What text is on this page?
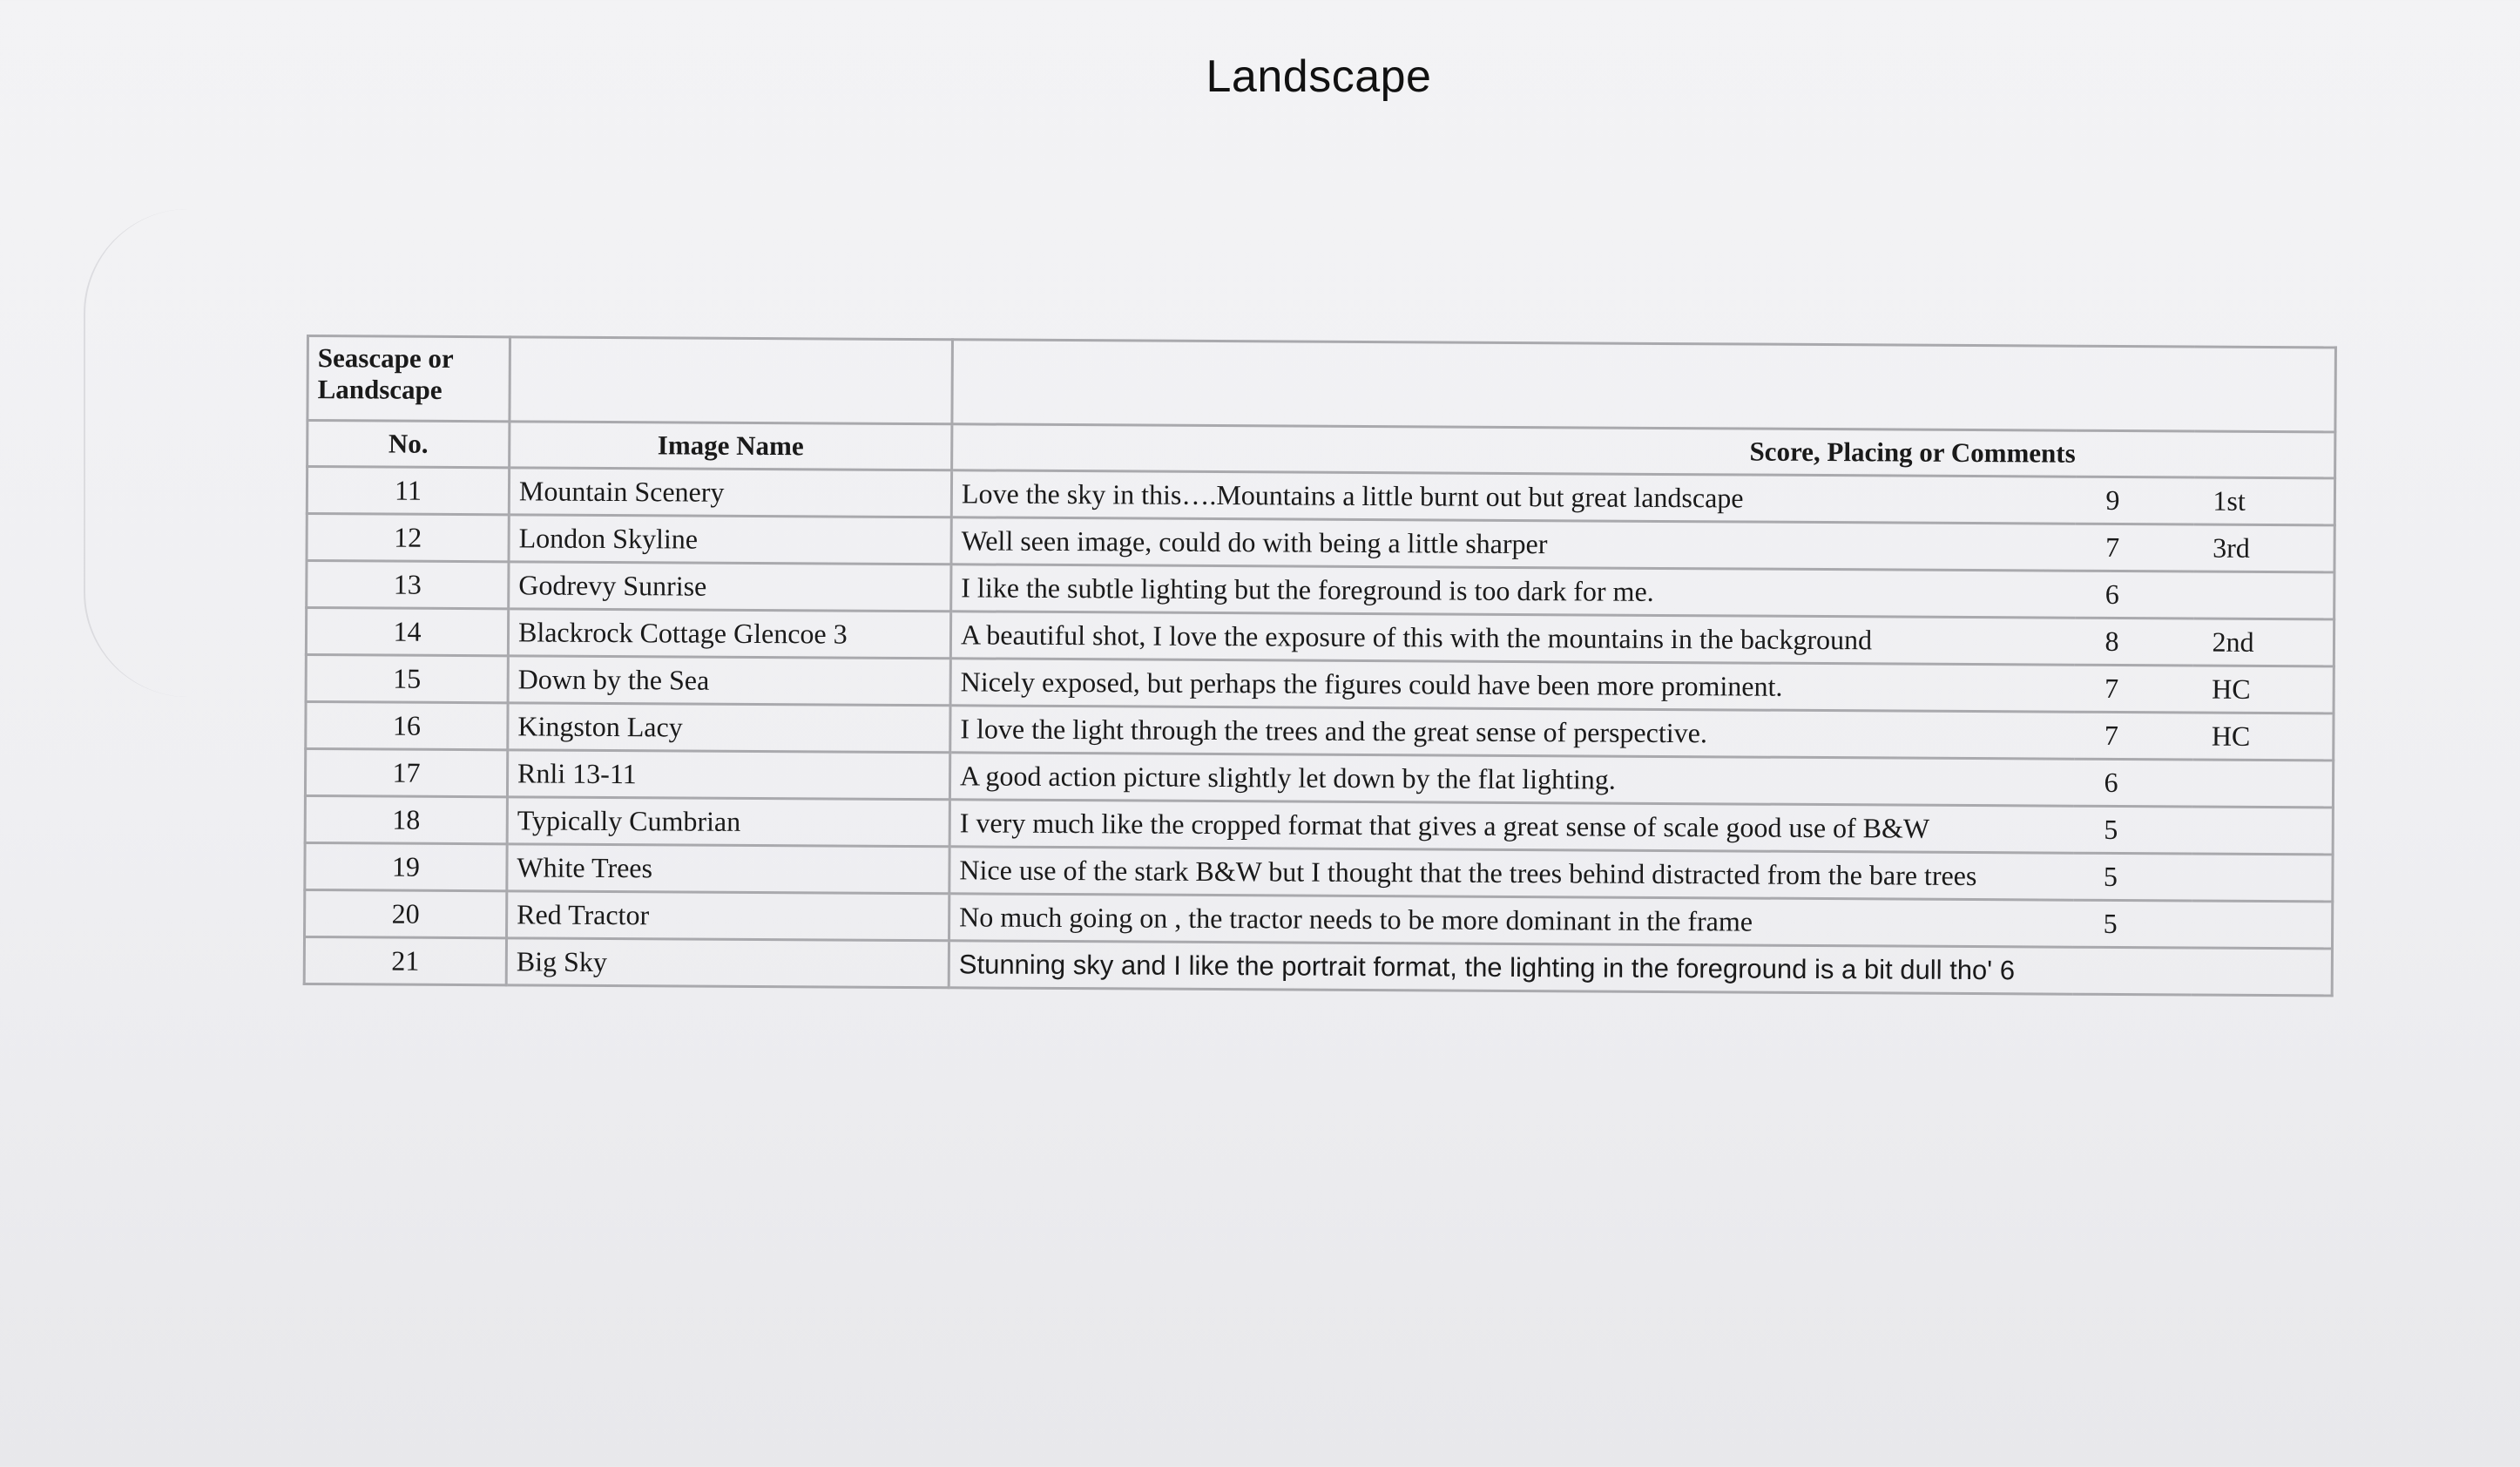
Landscape
Seascape or Landscape				
No.	Image Name	Score, Placing or Comments		
11	Mountain Scenery	Love the sky in this….Mountains a little burnt out but great landscape	9	1st
12	London Skyline	Well seen image, could do with being a little sharper	7	3rd
13	Godrevy Sunrise	I like the subtle lighting but the foreground is too dark for me.	6	
14	Blackrock Cottage Glencoe 3	A beautiful shot, I love the exposure of this with the mountains in the background	8	2nd
15	Down by the Sea	Nicely exposed, but perhaps the figures could have been more prominent.	7	HC
16	Kingston Lacy	I love the light through the trees and the great sense of perspective.	7	HC
17	Rnli 13-11	A good action picture slightly let down by the flat lighting.	6	
18	Typically Cumbrian	I very much like the cropped format that gives a great sense of scale good use of B&W	5	
19	White Trees	Nice use of the stark B&W but I thought that the trees behind distracted from the bare trees	5	
20	Red Tractor	No much going on , the tractor needs to be more dominant in the frame	5	
21	Big Sky	Stunning sky and I like the portrait format, the lighting in the foreground is a bit dull tho' 6		
